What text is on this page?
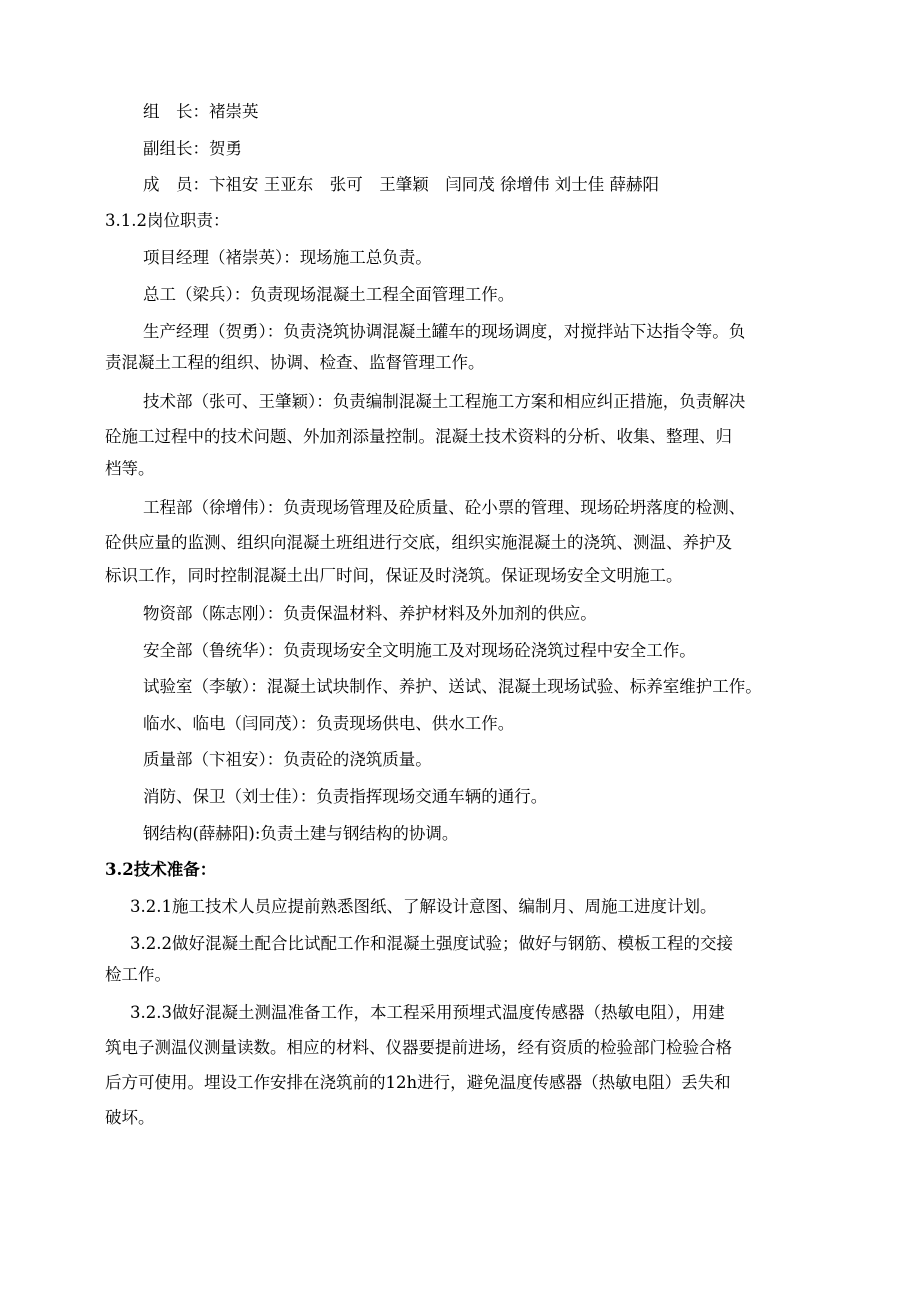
组　长：褚崇英
副组长：贺勇
成　员：卞祖安 王亚东　张可　王肇颖　闫同茂 徐增伟 刘士佳 薛赫阳
3.1.2岗位职责：
项目经理（褚崇英）：现场施工总负责。
总工（梁兵）：负责现场混凝土工程全面管理工作。
生产经理（贺勇）：负责浇筑协调混凝土罐车的现场调度，对搅拌站下达指令等。负
责混凝土工程的组织、协调、检查、监督管理工作。
技术部（张可、王肇颖）：负责编制混凝土工程施工方案和相应纠正措施，负责解决
砼施工过程中的技术问题、外加剂添量控制。混凝土技术资料的分析、收集、整理、归
档等。
工程部（徐增伟）：负责现场管理及砼质量、砼小票的管理、现场砼坍落度的检测、
砼供应量的监测、组织向混凝土班组进行交底，组织实施混凝土的浇筑、测温、养护及
标识工作，同时控制混凝土出厂时间，保证及时浇筑。保证现场安全文明施工。
物资部（陈志刚）：负责保温材料、养护材料及外加剂的供应。
安全部（鲁统华）：负责现场安全文明施工及对现场砼浇筑过程中安全工作。
试验室（李敏）：混凝土试块制作、养护、送试、混凝土现场试验、标养室维护工作。
临水、临电（闫同茂）：负责现场供电、供水工作。
质量部（卞祖安）：负责砼的浇筑质量。
消防、保卫（刘士佳）：负责指挥现场交通车辆的通行。
钢结构(薛赫阳):负责土建与钢结构的协调。
3.2技术准备：
3.2.1施工技术人员应提前熟悉图纸、了解设计意图、编制月、周施工进度计划。
3.2.2做好混凝土配合比试配工作和混凝土强度试验；做好与钢筋、模板工程的交接
检工作。
3.2.3做好混凝土测温准备工作，本工程采用预埋式温度传感器（热敏电阻），用建
筑电子测温仪测量读数。相应的材料、仪器要提前进场，经有资质的检验部门检验合格
后方可使用。埋设工作安排在浇筑前的12h进行，避免温度传感器（热敏电阻）丢失和
破坏。
